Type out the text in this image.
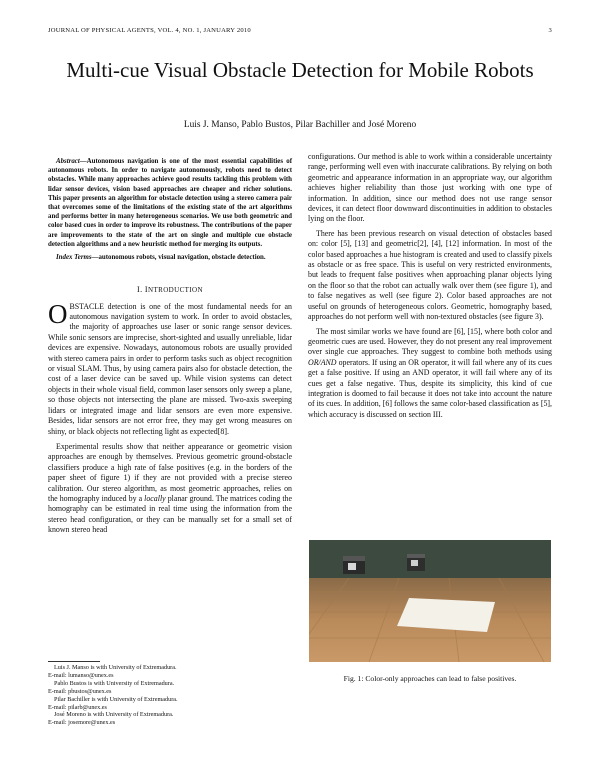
JOURNAL OF PHYSICAL AGENTS, VOL. 4, NO. 1, JANUARY 2010	3
Multi-cue Visual Obstacle Detection for Mobile Robots
Luis J. Manso, Pablo Bustos, Pilar Bachiller and José Moreno

Abstract—Autonomous navigation is one of the most essential capabilities of autonomous robots. In order to navigate autonomously, robots need to detect obstacles. While many approaches achieve good results tackling this problem with lidar sensor devices, vision based approaches are cheaper and richer solutions. This paper presents an algorithm for obstacle detection using a stereo camera pair that overcomes some of the limitations of the existing state of the art algorithms and performs better in many heterogeneous scenarios. We use both geometric and color based cues in order to improve its robustness. The contributions of the paper are improvements to the state of the art on single and multiple cue obstacle detection algorithms and a new heuristic method for merging its outputs.

Index Terms—autonomous robots, visual navigation, obstacle detection.

I. INTRODUCTION

OBSTACLE detection is one of the most fundamental needs for an autonomous navigation system to work. In order to avoid obstacles, the majority of approaches use laser or sonic range sensor devices. While sonic sensors are imprecise, short-sighted and usually unreliable, lidar devices are expensive. Nowadays, autonomous robots are usually provided with stereo camera pairs in order to perform tasks such as object recognition or visual SLAM. Thus, by using camera pairs also for obstacle detection, the cost of a laser device can be saved up. While vision systems can detect objects in their whole visual field, common laser sensors only sweep a plane, so those objects not intersecting the plane are missed. Two-axis sweeping lidars or integrated image and lidar sensors are even more expensive. Besides, lidar sensors are not error free, they may get wrong measures on shiny, or black objects not reflecting light as expected[8].

Experimental results show that neither appearance or geometric vision approaches are enough by themselves. Previous geometric ground-obstacle classifiers produce a high rate of false positives (e.g. in the borders of the paper sheet of figure 1) if they are not provided with a precise stereo calibration. Our stereo algorithm, as most geometric approaches, relies on the homography induced by a locally planar ground. The matrices coding the homography can be estimated in real time using the information from the stereo head configuration, or they can be manually set for a small set of known stereo head

Luis J. Manso is with University of Extremadura.

E-mail: lumanso@unex.es

Pablo Bustos is with University of Extremadura.

E-mail: pbustos@unex.es

Pilar Bachiller is with University of Extremadura.

E-mail: pilarb@unex.es

José Moreno is with University of Extremadura.

E-mail: josemore@unex.es

configurations. Our method is able to work within a considerable uncertainty range, performing well even with inaccurate calibrations. By relying on both geometric and appearance information in an appropriate way, our algorithm achieves higher reliability than those just working with one type of information. In addition, since our method does not use range sensor devices, it can detect floor downward discontinuities in addition to obstacles lying on the floor.

There has been previous research on visual detection of obstacles based on: color [5], [13] and geometric[2], [4], [12] information. In most of the color based approaches a hue histogram is created and used to classify pixels as obstacle or as free space. This is useful on very restricted environments, but leads to frequent false positives when approaching planar objects lying on the floor so that the robot can actually walk over them (see figure 1), and to false negatives as well (see figure 2). Color based approaches are not useful on grounds of heterogeneous colors. Geometric, homography based, approaches do not perform well with non-textured obstacles (see figure 3).

The most similar works we have found are [6], [15], where both color and geometric cues are used. However, they do not present any real improvement over single cue approaches. They suggest to combine both methods using OR/AND operators. If using an OR operator, it will fail where any of its cues get a false positive. If using an AND operator, it will fail where any of its cues get a false negative. Thus, despite its simplicity, this kind of cue integration is doomed to fail because it does not take into account the nature of its cues. In addition, [6] follows the same color-based classification as [5], which accuracy is discussed on section III.

Fig. 1: Color-only approaches can lead to false positives.
